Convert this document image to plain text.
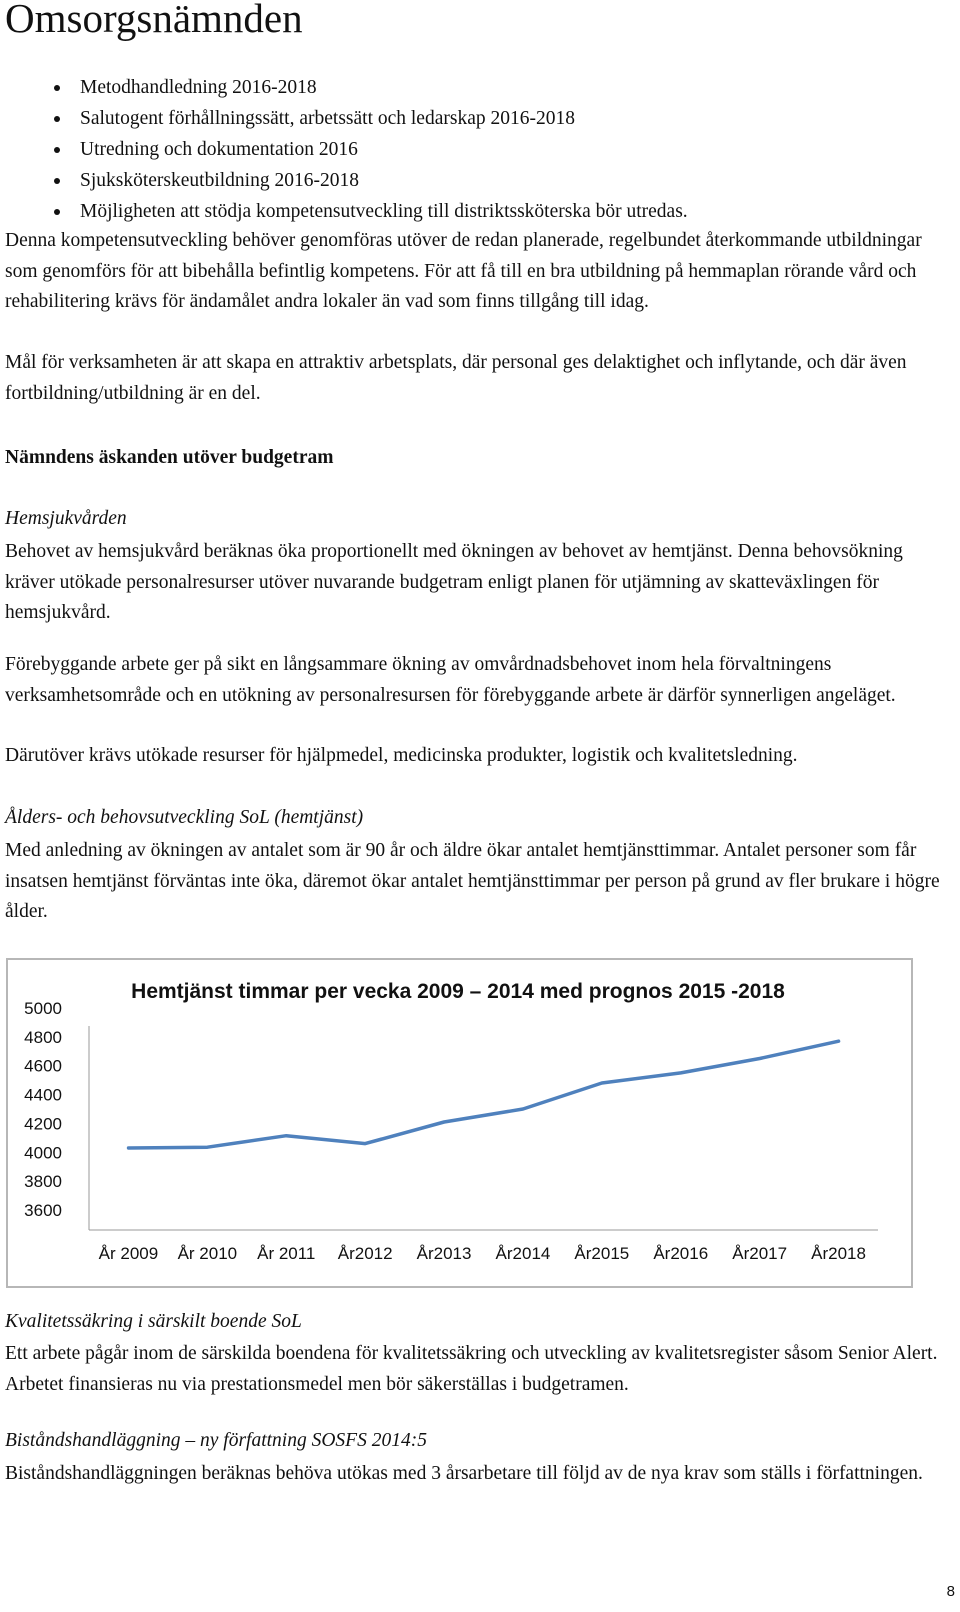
Omsorgsnämnden
Metodhandledning 2016-2018
Salutogent förhållningssätt, arbetssätt och ledarskap 2016-2018
Utredning och dokumentation 2016
Sjuksköterskeutbildning 2016-2018
Möjligheten att stödja kompetensutveckling till distriktssköterska bör utredas.

Denna kompetensutveckling behöver genomföras utöver de redan planerade, regelbundet återkommande utbildningar som genomförs för att bibehålla befintlig kompetens. För att få till en bra utbildning på hemmaplan rörande vård och rehabilitering krävs för ändamålet andra lokaler än vad som finns tillgång till idag.

Mål för verksamheten är att skapa en attraktiv arbetsplats, där personal ges delaktighet och inflytande, och där även fortbildning/utbildning är en del.

Nämndens äskanden utöver budgetram

Hemsjukvården

Behovet av hemsjukvård beräknas öka proportionellt med ökningen av behovet av hemtjänst. Denna behovsökning kräver utökade personalresurser utöver nuvarande budgetram enligt planen för utjämning av skatteväxlingen för hemsjukvård.

Förebyggande arbete ger på sikt en långsammare ökning av omvårdnadsbehovet inom hela förvaltningens verksamhetsområde och en utökning av personalresursen för förebyggande arbete är därför synnerligen angeläget.

Därutöver krävs utökade resurser för hjälpmedel, medicinska produkter, logistik och kvalitetsledning.

Ålders- och behovsutveckling SoL (hemtjänst)

Med anledning av ökningen av antalet som är 90 år och äldre ökar antalet hemtjänsttimmar. Antalet personer som får insatsen hemtjänst förväntas inte öka, däremot ökar antalet hemtjänsttimmar per person på grund av fler brukare i högre ålder.

Hemtjänst timmar per vecka 2009 – 2014 med prognos 2015 -2018
5000
4800
4600
4400
4200
4000
3800
3600
År 2009 År 2010 År 2011 År2012 År2013 År2014 År2015 År2016 År2017 År2018

Kvalitetssäkring i särskilt boende SoL

Ett arbete pågår inom de särskilda boendena för kvalitetssäkring och utveckling av kvalitetsregister såsom Senior Alert. Arbetet finansieras nu via prestationsmedel men bör säkerställas i budgetramen.

Biståndshandläggning – ny författning SOSFS 2014:5

Biståndshandläggningen beräknas behöva utökas med 3 årsarbetare till följd av de nya krav som ställs i författningen.

8
